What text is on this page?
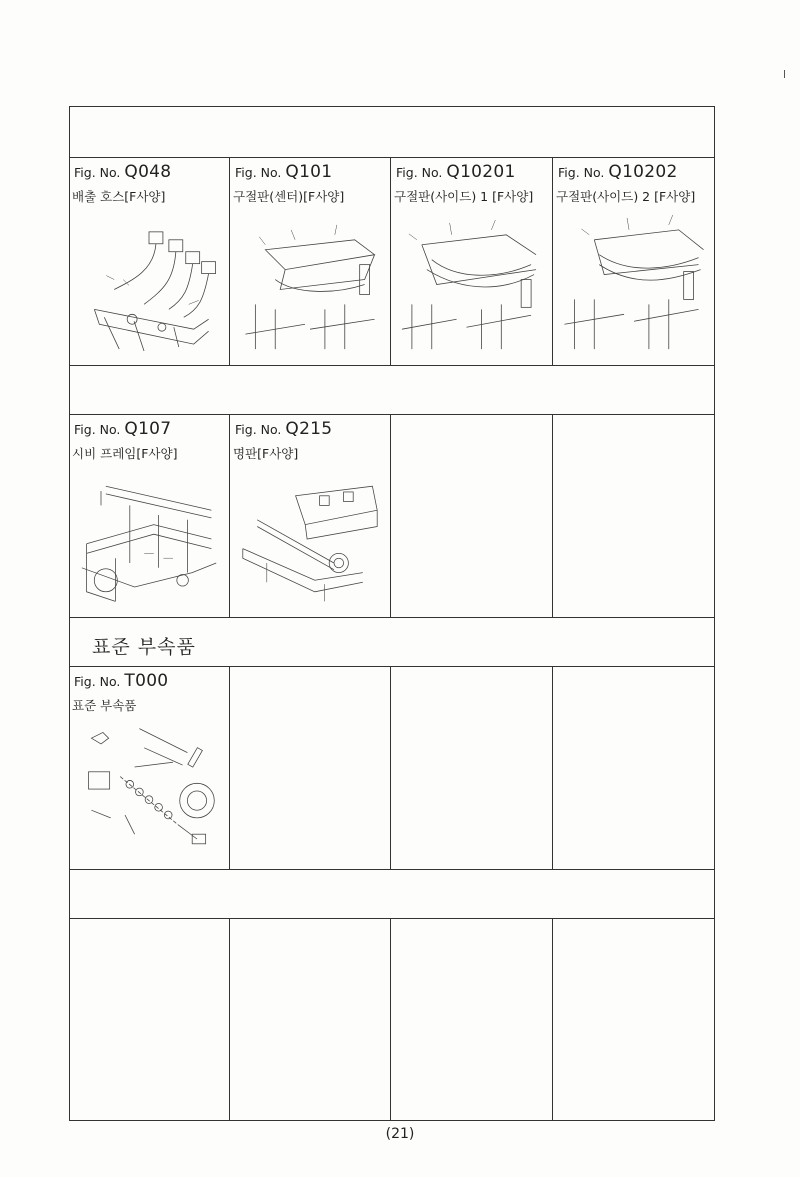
Fig. No. Q048
배출 호스[F사양]
Fig. No. Q101
구절판(센터)[F사양]
Fig. No. Q10201
구절판(사이드) 1 [F사양]
Fig. No. Q10202
구절판(사이드) 2 [F사양]
Fig. No. Q107
시비 프레임[F사양]
Fig. No. Q215
명판[F사양]
표준 부속품
Fig. No. T000
표준 부속품
(21)
